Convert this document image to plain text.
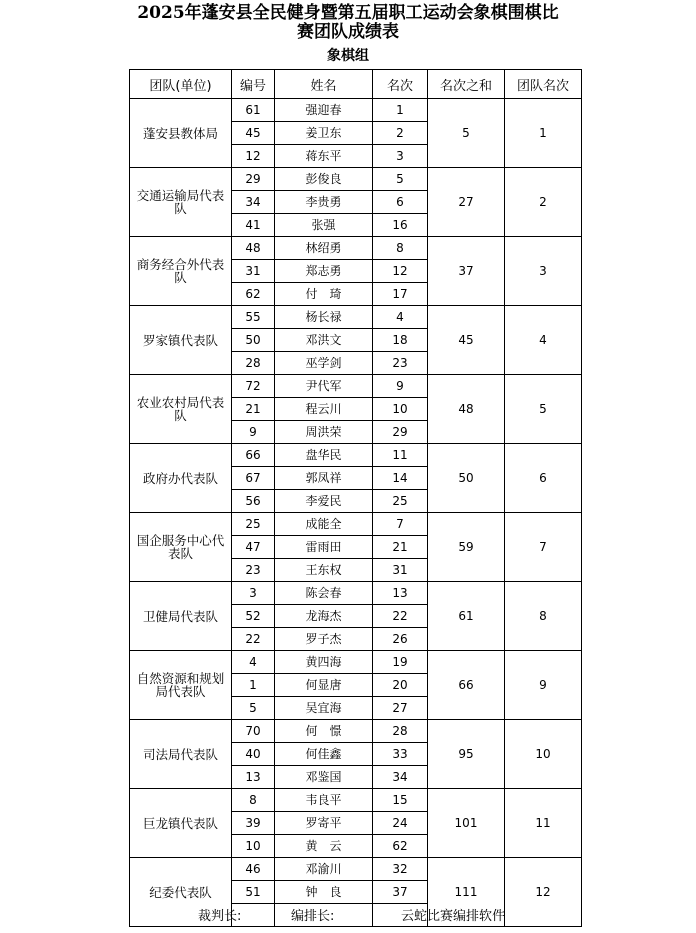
2025年蓬安县全民健身暨第五届职工运动会象棋围棋比
赛团队成绩表
象棋组
团队(单位)	编号	姓名	名次	名次之和	团队名次
蓬安县教体局	61	强迎春	1	5	1
	45	姜卫东	2		
	12	蒋东平	3		
交通运输局代表队	29	彭俊良	5	27	2
	34	李贵勇	6		
	41	张强	16		
商务经合外代表队	48	林绍勇	8	37	3
	31	郑志勇	12		
	62	付　琦	17		
罗家镇代表队	55	杨长禄	4	45	4
	50	邓洪文	18		
	28	巫学剑	23		
农业农村局代表队	72	尹代军	9	48	5
	21	程云川	10		
	9	周洪荣	29		
政府办代表队	66	盘华民	11	50	6
	67	郭凤祥	14		
	56	李爱民	25		
国企服务中心代表队	25	成能全	7	59	7
	47	雷雨田	21		
	23	王东权	31		
卫健局代表队	3	陈会春	13	61	8
	52	龙海杰	22		
	22	罗子杰	26		
自然资源和规划局代表队	4	黄四海	19	66	9
	1	何显唐	20		
	5	吴宜海	27		
司法局代表队	70	何　憬	28	95	10
	40	何佳鑫	33		
	13	邓鉴国	34		
巨龙镇代表队	8	韦良平	15	101	11
	39	罗寄平	24		
	10	黄　云	62		
纪委代表队	46	邓渝川	32	111	12
	51	钟　良	37		

裁判长:	编排长:	云蛇比赛编排软件
